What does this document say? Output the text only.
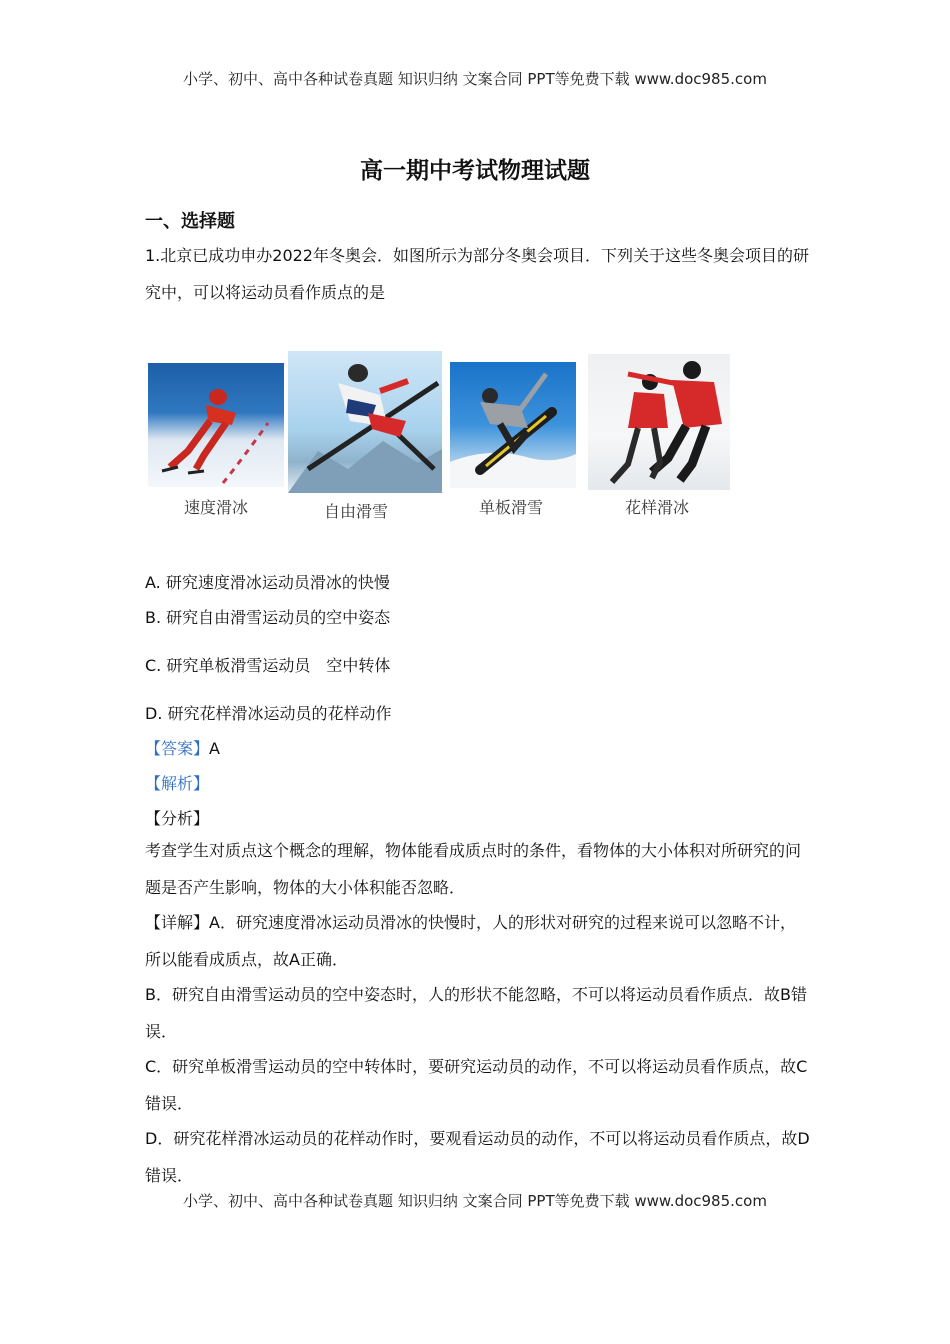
小学、初中、高中各种试卷真题 知识归纳 文案合同 PPT等免费下载 www.doc985.com
高一期中考试物理试题
一、选择题
1.北京已成功申办2022年冬奥会．如图所示为部分冬奥会项目．下列关于这些冬奥会项目的研究中，可以将运动员看作质点的是
速度滑冰	自由滑雪	单板滑雪	花样滑冰
A. 研究速度滑冰运动员滑冰的快慢
B. 研究自由滑雪运动员的空中姿态
C. 研究单板滑雪运动员　空中转体
D. 研究花样滑冰运动员的花样动作
【答案】A
【解析】
【分析】
考查学生对质点这个概念的理解，物体能看成质点时的条件，看物体的大小体积对所研究的问题是否产生影响，物体的大小体积能否忽略．
【详解】A．研究速度滑冰运动员滑冰的快慢时，人的形状对研究的过程来说可以忽略不计，所以能看成质点，故A正确．
B．研究自由滑雪运动员的空中姿态时，人的形状不能忽略，不可以将运动员看作质点．故B错误．
C．研究单板滑雪运动员的空中转体时，要研究运动员的动作，不可以将运动员看作质点，故C错误．
D．研究花样滑冰运动员的花样动作时，要观看运动员的动作，不可以将运动员看作质点，故D错误．
小学、初中、高中各种试卷真题 知识归纳 文案合同 PPT等免费下载 www.doc985.com
